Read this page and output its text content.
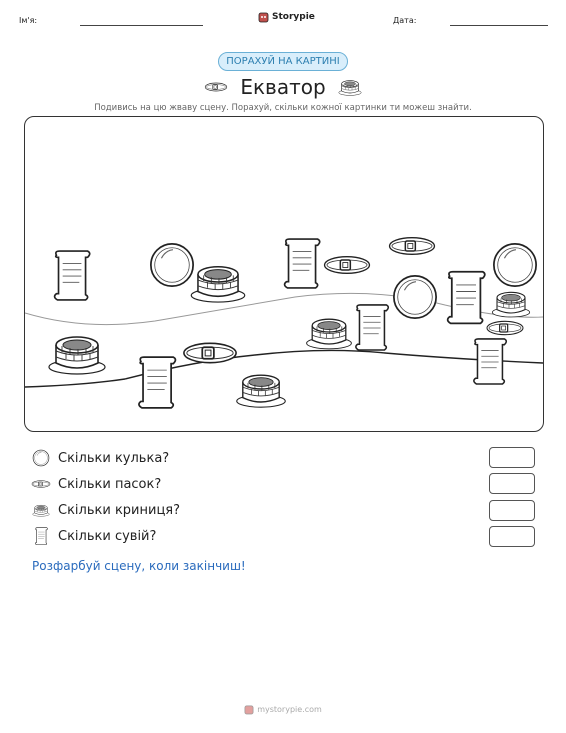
Ім'я:	Storypie	Дата:
ПОРАХУЙ НА КАРТИНІ
Екватор
Подивись на цю жваву сцену. Порахуй, скільки кожної картинки ти можеш знайти.
Скільки кулька?
Скільки пасок?
Скільки криниця?
Скільки сувій?
Розфарбуй сцену, коли закінчиш!
mystorypie.com
